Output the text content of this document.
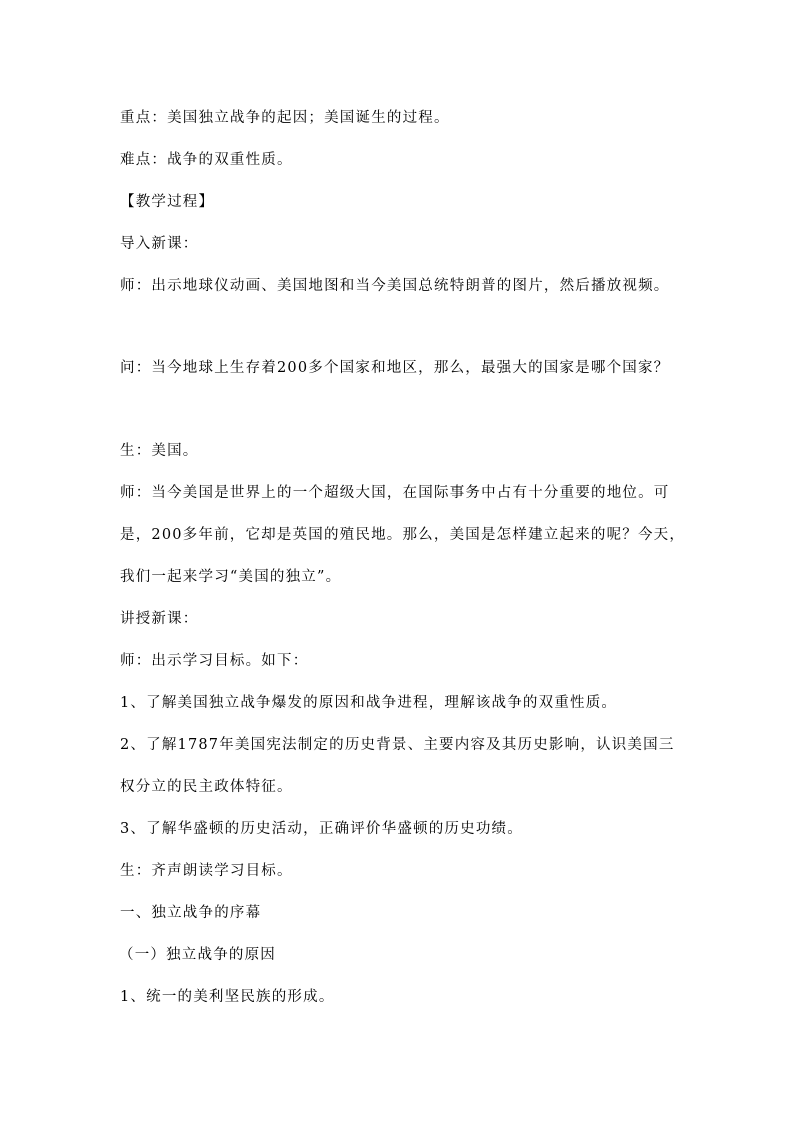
重点：美国独立战争的起因；美国诞生的过程。
难点：战争的双重性质。
【教学过程】
导入新课：
师：出示地球仪动画、美国地图和当今美国总统特朗普的图片，然后播放视频。
问：当今地球上生存着200多个国家和地区，那么，最强大的国家是哪个国家？
生：美国。
师：当今美国是世界上的一个超级大国，在国际事务中占有十分重要的地位。可
是，200多年前，它却是英国的殖民地。那么，美国是怎样建立起来的呢？今天，
我们一起来学习“美国的独立”。
讲授新课：
师：出示学习目标。如下：
1、了解美国独立战争爆发的原因和战争进程，理解该战争的双重性质。
2、了解1787年美国宪法制定的历史背景、主要内容及其历史影响，认识美国三
权分立的民主政体特征。
3、了解华盛顿的历史活动，正确评价华盛顿的历史功绩。
生：齐声朗读学习目标。
一、独立战争的序幕
（一）独立战争的原因
1、统一的美利坚民族的形成。
